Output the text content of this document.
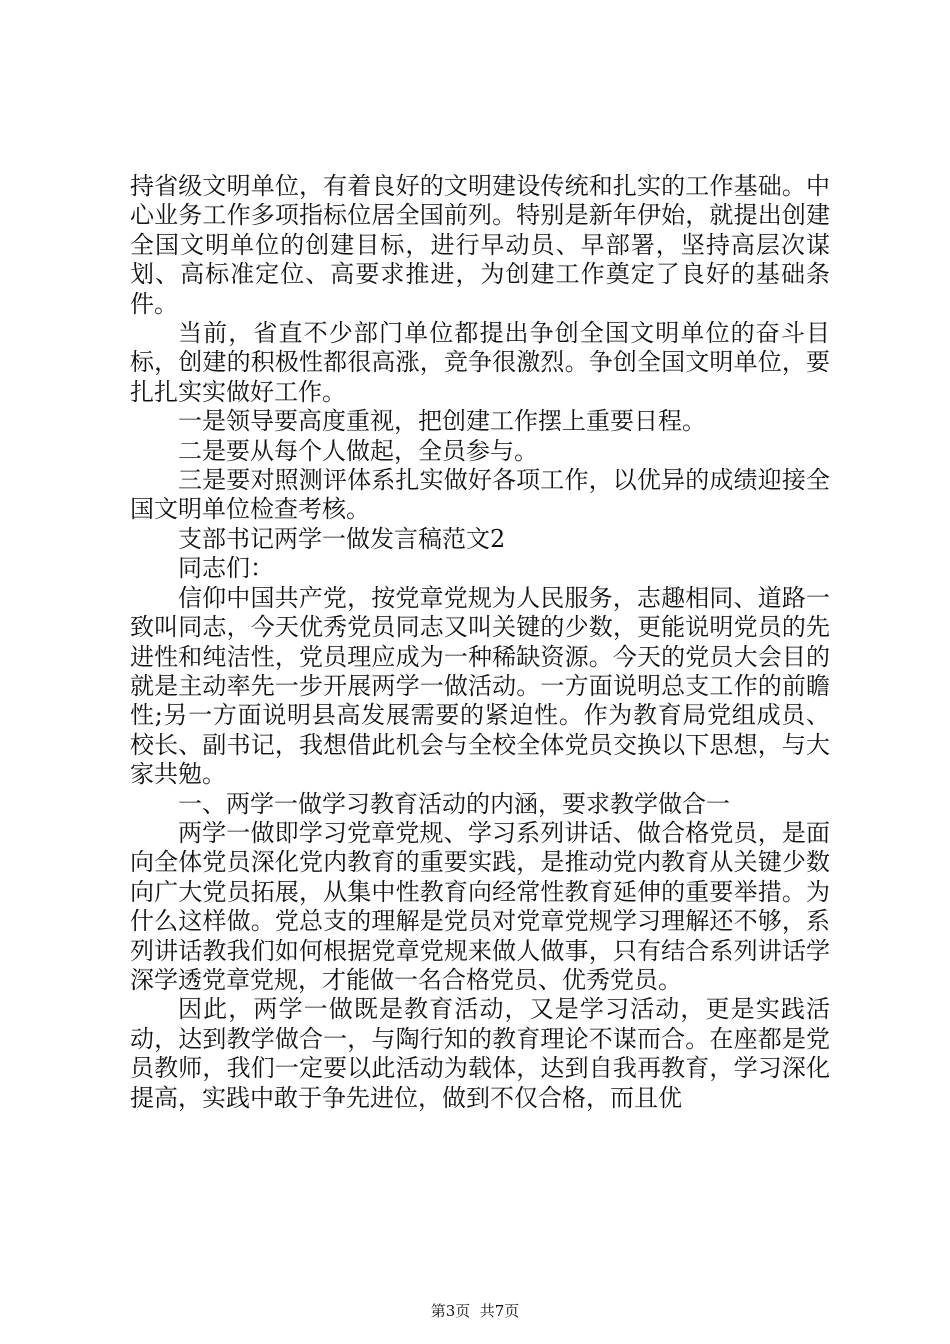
持省级文明单位，有着良好的文明建设传统和扎实的工作基础。中心业务工作多项指标位居全国前列。特别是新年伊始，就提出创建全国文明单位的创建目标，进行早动员、早部署，坚持高层次谋划、高标准定位、高要求推进，为创建工作奠定了良好的基础条件。

当前，省直不少部门单位都提出争创全国文明单位的奋斗目标，创建的积极性都很高涨，竞争很激烈。争创全国文明单位，要扎扎实实做好工作。

一是领导要高度重视，把创建工作摆上重要日程。

二是要从每个人做起，全员参与。

三是要对照测评体系扎实做好各项工作，以优异的成绩迎接全国文明单位检查考核。

支部书记两学一做发言稿范文2

同志们：

信仰中国共产党，按党章党规为人民服务，志趣相同、道路一致叫同志，今天优秀党员同志又叫关键的少数，更能说明党员的先进性和纯洁性，党员理应成为一种稀缺资源。今天的党员大会目的就是主动率先一步开展两学一做活动。一方面说明总支工作的前瞻性;另一方面说明县高发展需要的紧迫性。作为教育局党组成员、校长、副书记，我想借此机会与全校全体党员交换以下思想，与大家共勉。

一、两学一做学习教育活动的内涵，要求教学做合一

两学一做即学习党章党规、学习系列讲话、做合格党员，是面向全体党员深化党内教育的重要实践，是推动党内教育从关键少数向广大党员拓展，从集中性教育向经常性教育延伸的重要举措。为什么这样做。党总支的理解是党员对党章党规学习理解还不够，系列讲话教我们如何根据党章党规来做人做事，只有结合系列讲话学深学透党章党规，才能做一名合格党员、优秀党员。

因此，两学一做既是教育活动，又是学习活动，更是实践活动，达到教学做合一，与陶行知的教育理论不谋而合。在座都是党员教师，我们一定要以此活动为载体，达到自我再教育，学习深化提高，实践中敢于争先进位，做到不仅合格，而且优

第3页  共7页
